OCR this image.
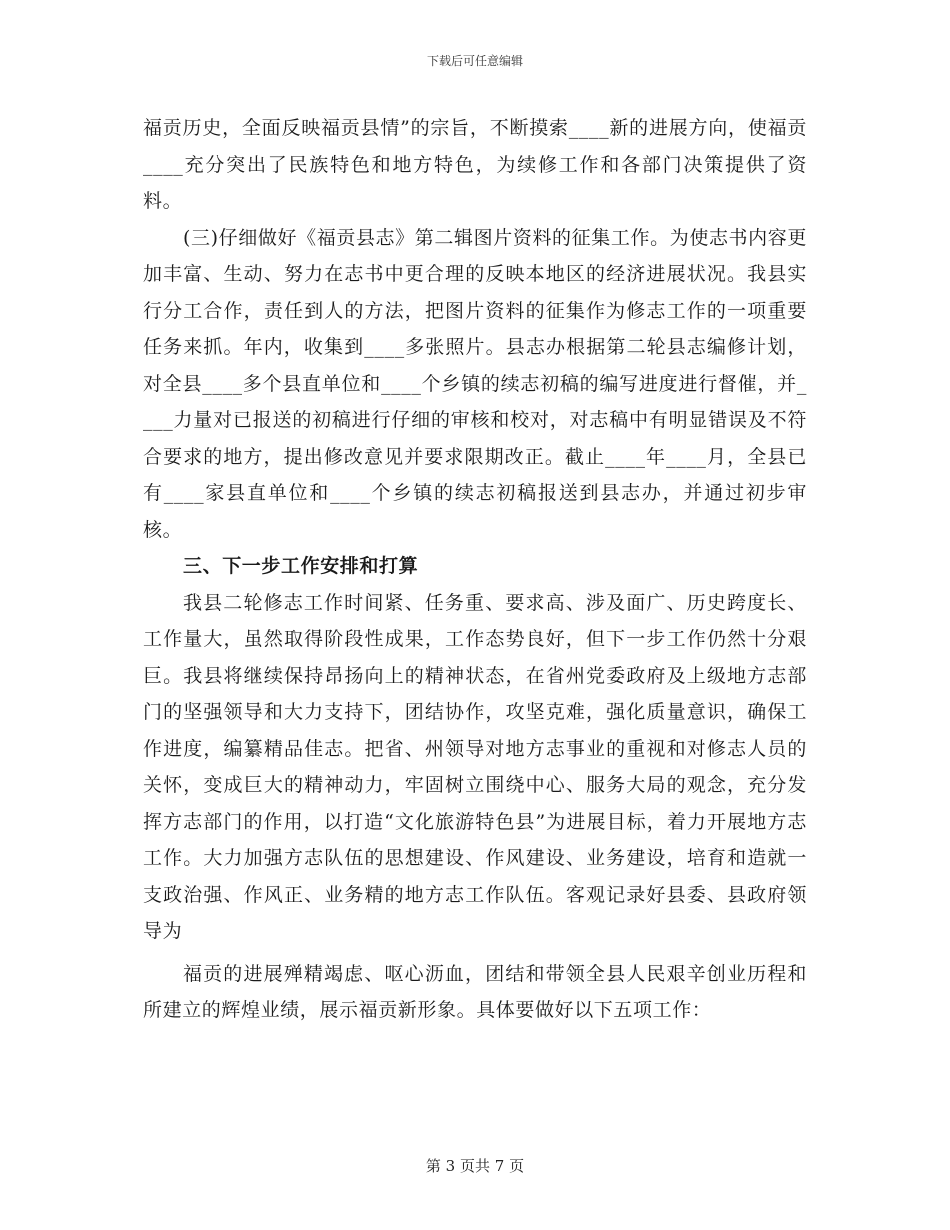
下载后可任意编辑

福贡历史，全面反映福贡县情”的宗旨，不断摸索____新的进展方向，使福贡____充分突出了民族特色和地方特色，为续修工作和各部门决策提供了资料。

(三)仔细做好《福贡县志》第二辑图片资料的征集工作。为使志书内容更加丰富、生动、努力在志书中更合理的反映本地区的经济进展状况。我县实行分工合作，责任到人的方法，把图片资料的征集作为修志工作的一项重要任务来抓。年内，收集到____多张照片。县志办根据第二轮县志编修计划，对全县____多个县直单位和____个乡镇的续志初稿的编写进度进行督催，并____力量对已报送的初稿进行仔细的审核和校对，对志稿中有明显错误及不符合要求的地方，提出修改意见并要求限期改正。截止____年____月，全县已有____家县直单位和____个乡镇的续志初稿报送到县志办，并通过初步审核。

三、下一步工作安排和打算

我县二轮修志工作时间紧、任务重、要求高、涉及面广、历史跨度长、工作量大，虽然取得阶段性成果，工作态势良好，但下一步工作仍然十分艰巨。我县将继续保持昂扬向上的精神状态，在省州党委政府及上级地方志部门的坚强领导和大力支持下，团结协作，攻坚克难，强化质量意识，确保工作进度，编纂精品佳志。把省、州领导对地方志事业的重视和对修志人员的关怀，变成巨大的精神动力，牢固树立围绕中心、服务大局的观念，充分发挥方志部门的作用，以打造“文化旅游特色县”为进展目标，着力开展地方志工作。大力加强方志队伍的思想建设、作风建设、业务建设，培育和造就一支政治强、作风正、业务精的地方志工作队伍。客观记录好县委、县政府领导为

福贡的进展殚精竭虑、呕心沥血，团结和带领全县人民艰辛创业历程和所建立的辉煌业绩，展示福贡新形象。具体要做好以下五项工作：

第 3 页共 7 页
